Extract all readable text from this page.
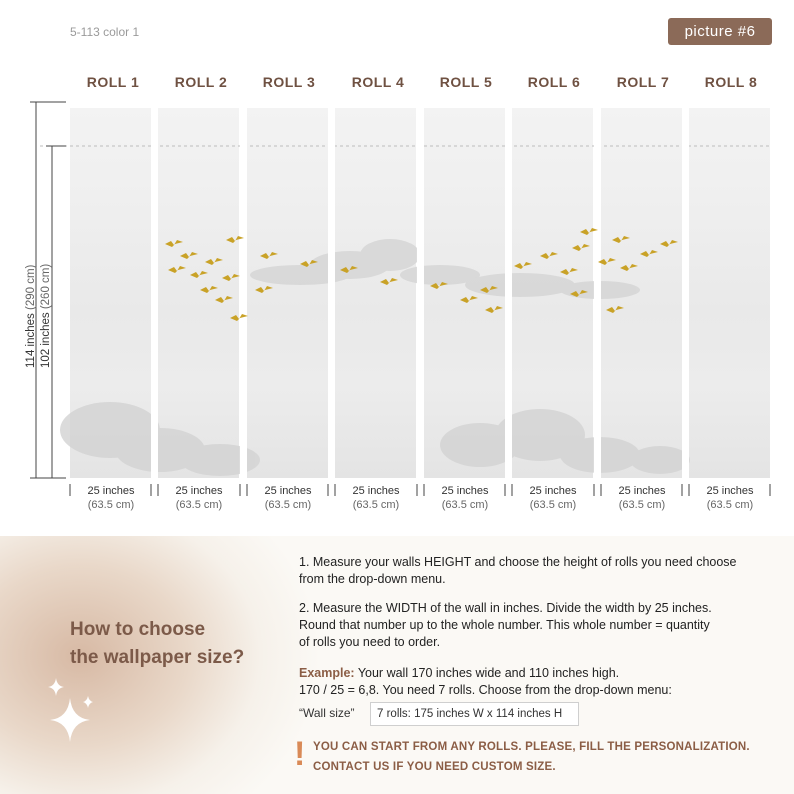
5-113 color 1	picture #6
ROLL 1	ROLL 2	ROLL 3	ROLL 4	ROLL 5	ROLL 6	ROLL 7	ROLL 8
114 inches (290 cm)
102 inches (260 cm)
25 inches
(63.5 cm)
25 inches
(63.5 cm)
25 inches
(63.5 cm)
25 inches
(63.5 cm)
25 inches
(63.5 cm)
25 inches
(63.5 cm)
25 inches
(63.5 cm)
25 inches
(63.5 cm)
How to choose
the wallpaper size?
1. Measure your walls HEIGHT and choose the height of rolls you need choose
from the drop-down menu.
2. Measure the WIDTH of the wall in inches. Divide the width by 25 inches.
Round that number up to the whole number. This whole number = quantity
of rolls you need to order.
Example: Your wall 170 inches wide and 110 inches high.
170 / 25 = 6,8. You need 7 rolls. Choose from the drop-down menu:
“Wall size”	7 rolls: 175 inches W x 114 inches H
! YOU CAN START FROM ANY ROLLS. PLEASE, FILL THE PERSONALIZATION.
CONTACT US IF YOU NEED CUSTOM SIZE.
